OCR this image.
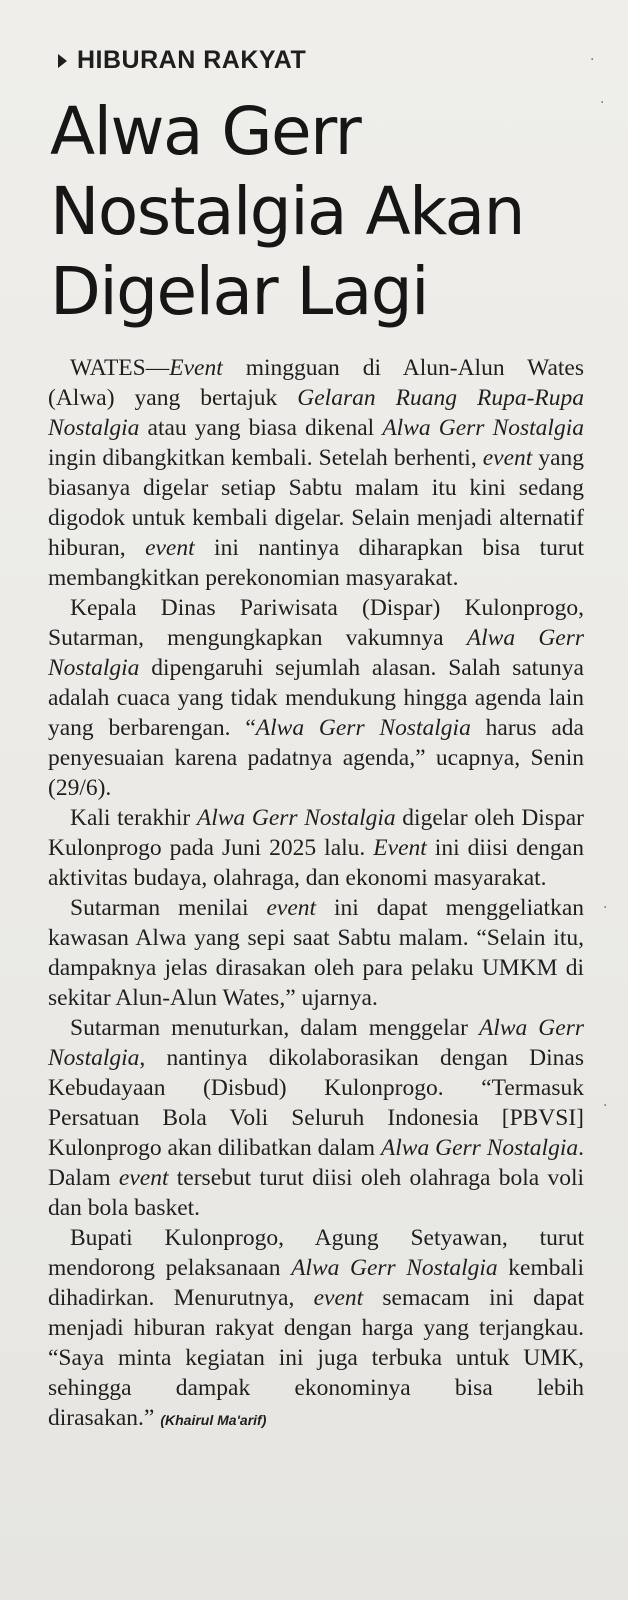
HIBURAN RAKYAT
Alwa Gerr
Nostalgia Akan
Digelar Lagi

WATES—Event mingguan di Alun-Alun Wates (Alwa) yang bertajuk Gelaran Ruang Rupa-Rupa Nostalgia atau yang biasa dikenal Alwa Gerr Nostalgia ingin dibangkitkan kembali. Setelah berhenti, event yang biasanya digelar setiap Sabtu malam itu kini sedang digodok untuk kembali digelar. Selain menjadi alternatif hiburan, event ini nantinya diharapkan bisa turut membangkitkan perekonomian masyarakat.

Kepala Dinas Pariwisata (Dispar) Kulonprogo, Sutarman, mengungkapkan vakumnya Alwa Gerr Nostalgia dipengaruhi sejumlah alasan. Salah satunya adalah cuaca yang tidak mendukung hingga agenda lain yang berbarengan. “Alwa Gerr Nostalgia harus ada penyesuaian karena padatnya agenda,” ucapnya, Senin (29/6).

Kali terakhir Alwa Gerr Nostalgia digelar oleh Dispar Kulonprogo pada Juni 2025 lalu. Event ini diisi dengan aktivitas budaya, olahraga, dan ekonomi masyarakat.

Sutarman menilai event ini dapat menggeliatkan kawasan Alwa yang sepi saat Sabtu malam. “Selain itu, dampaknya jelas dirasakan oleh para pelaku UMKM di sekitar Alun-Alun Wates,” ujarnya.

Sutarman menuturkan, dalam menggelar Alwa Gerr Nostalgia, nantinya dikolaborasikan dengan Dinas Kebudayaan (Disbud) Kulonprogo. “Termasuk Persatuan Bola Voli Seluruh Indonesia [PBVSI] Kulonprogo akan dilibatkan dalam Alwa Gerr Nostalgia. Dalam event tersebut turut diisi oleh olahraga bola voli dan bola basket.

Bupati Kulonprogo, Agung Setyawan, turut mendorong pelaksanaan Alwa Gerr Nostalgia kembali dihadirkan. Menurutnya, event semacam ini dapat menjadi hiburan rakyat dengan harga yang terjangkau. “Saya minta kegiatan ini juga terbuka untuk UMK, sehingga dampak ekonominya bisa lebih dirasakan.” (Khairul Ma'arif)

·
·
·
·
